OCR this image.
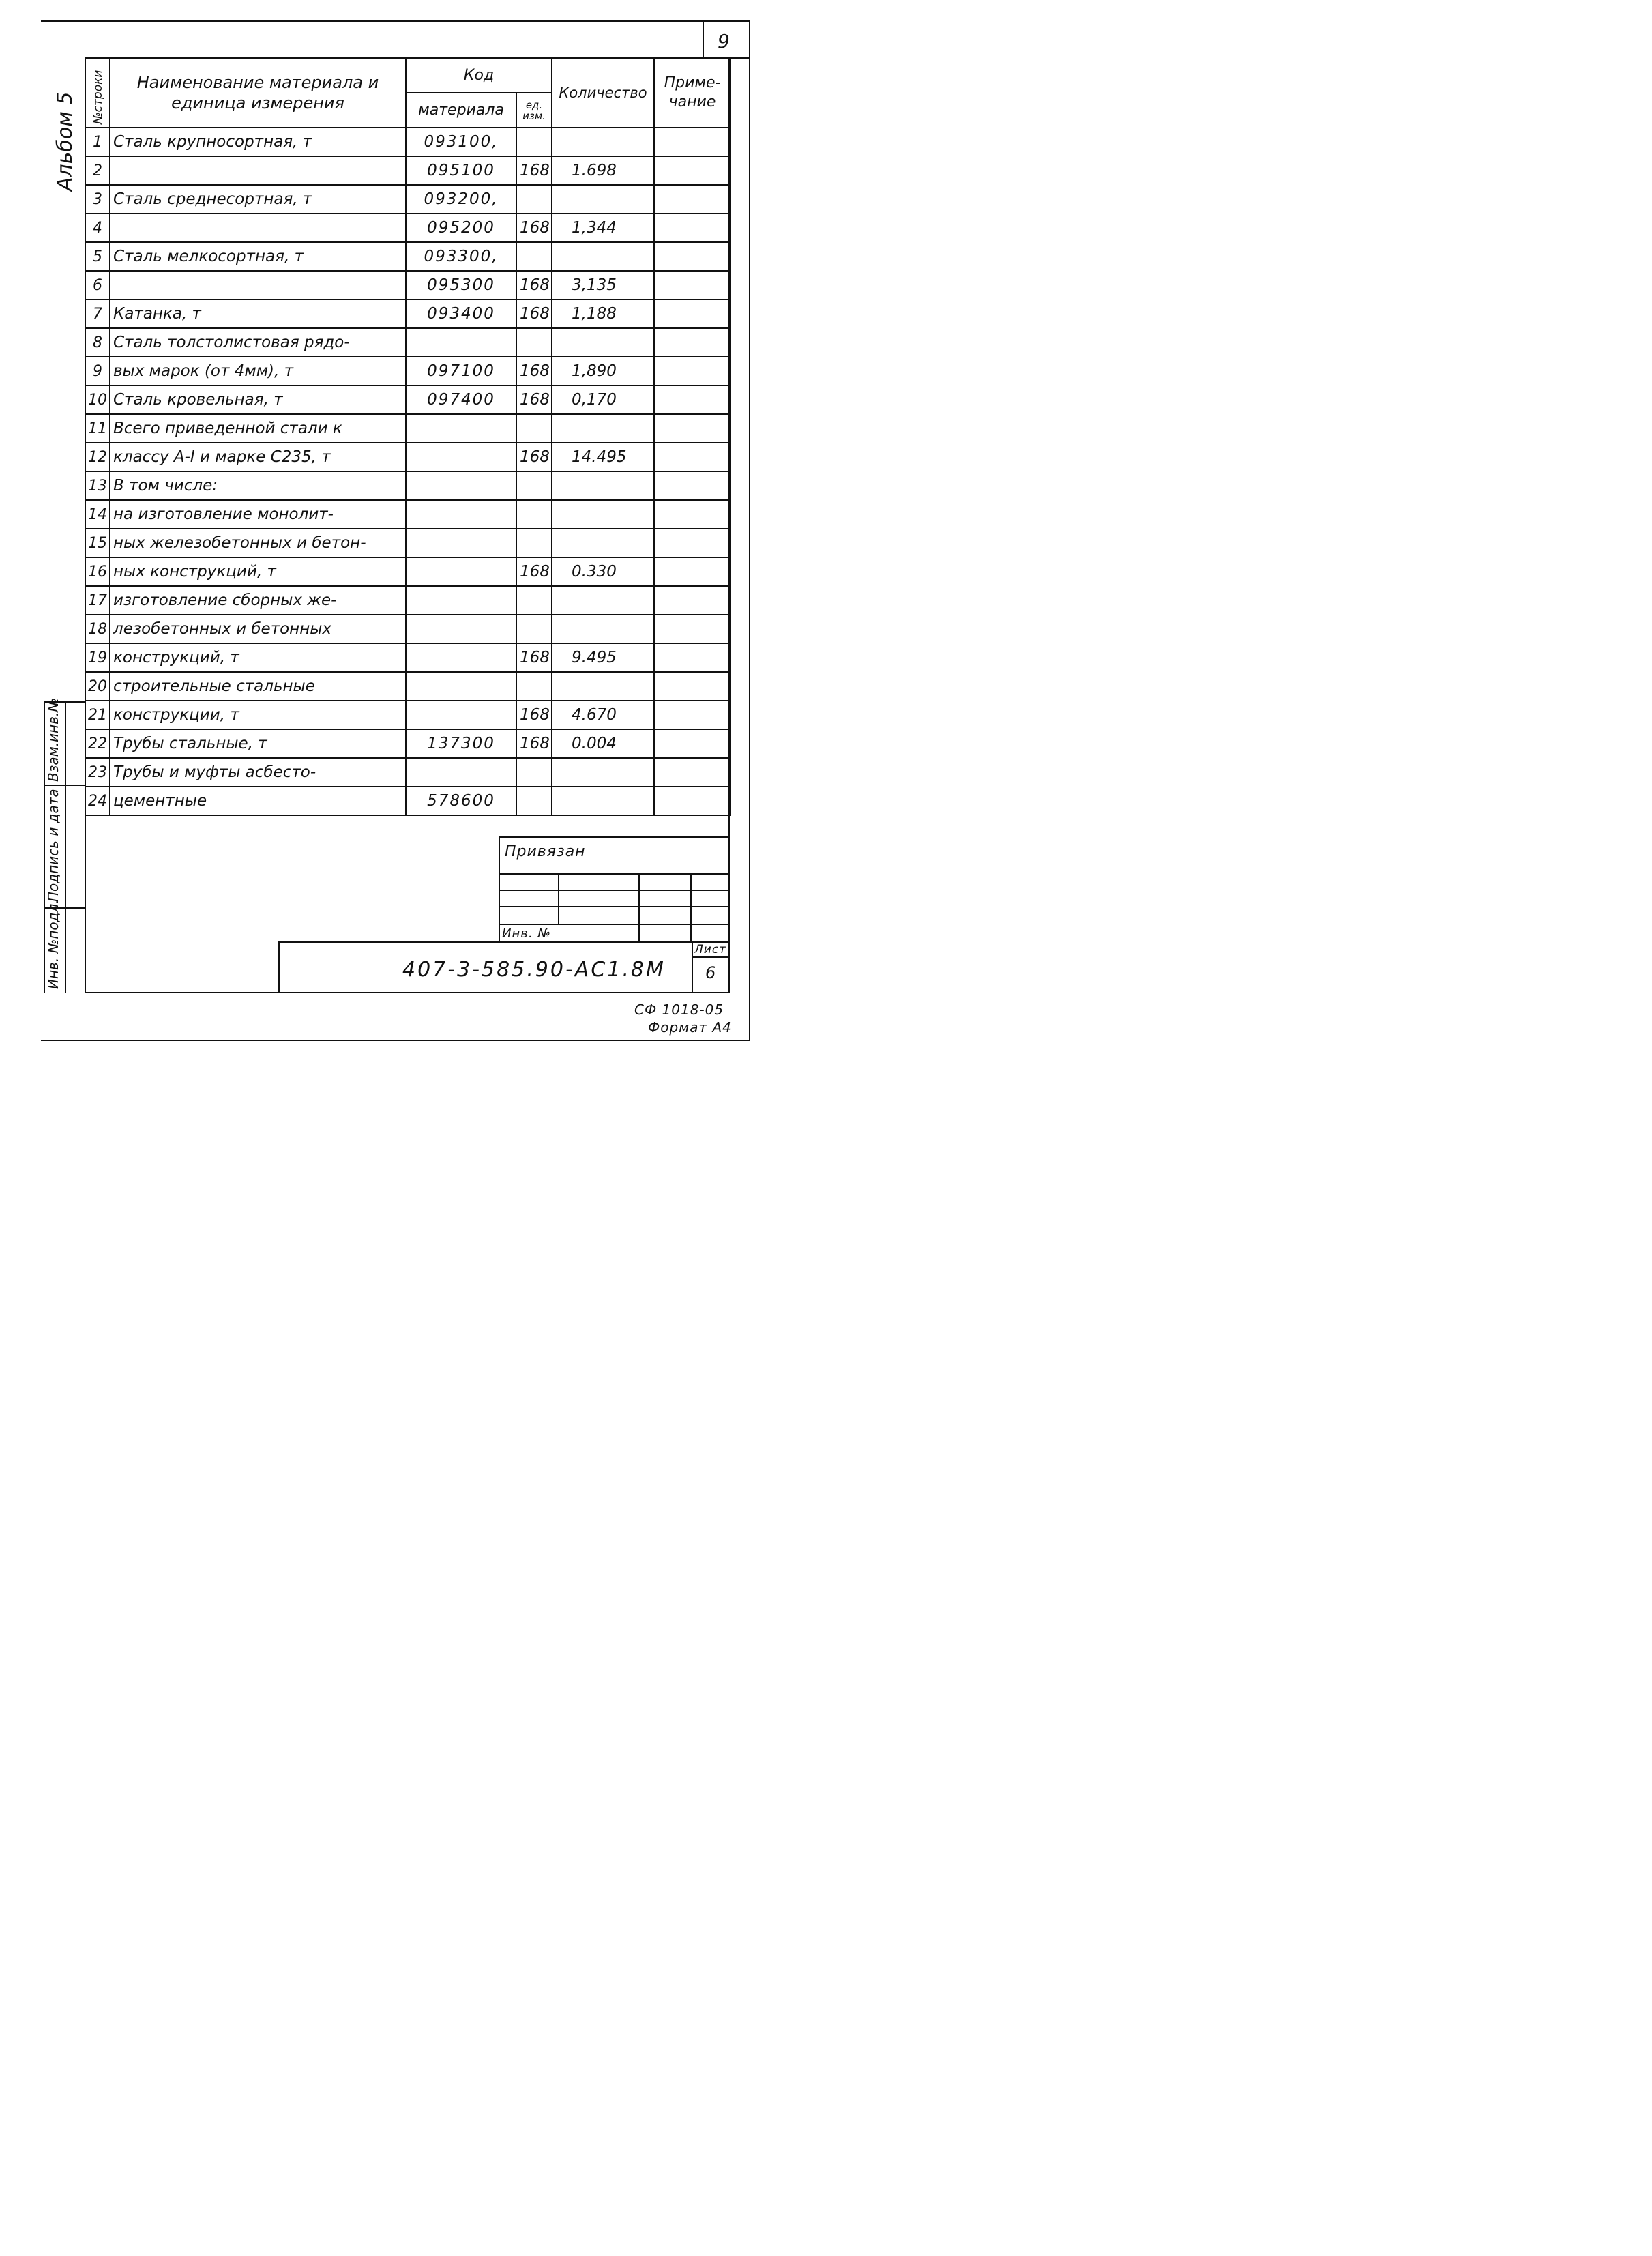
9
Альбом 5 №строки	Наименование материала и единица измерения	Код		Количество	Приме-чание
		материала	ед. изм.		
1	Сталь крупносортная, т	093100,			
2		095100	168	1.698	
3	Сталь среднесортная, т	093200,			
4		095200	168	1,344	
5	Сталь мелкосортная, т	093300,			
6		095300	168	3,135	
7	Катанка, т	093400	168	1,188	
8	Сталь толстолистовая рядо-				
9	вых марок (от 4мм), т	097100	168	1,890	
10	Сталь кровельная, т	097400	168	0,170	
11	Всего приведенной стали к				
12	классу А-I и марке С235, т		168	14.495	
13	В том числе:				
14	на изготовление монолит-				
15	ных железобетонных и бетон-				
16	ных конструкций, т		168	0.330	
17	изготовление сборных же-				
18	лезобетонных и бетонных				
19	конструкций, т		168	9.495	
20	строительные стальные				
21	конструкции, т		168	4.670	
22	Трубы стальные, т	137300	168	0.004	
23	Трубы и муфты асбесто-				
24	цементные	578600			
Взам.инв.№
Подпись и дата
Инв. №подл.
Привязан
Инв. №
407-3-585.90-АС1.8М
Лист
6
СФ 1018-05
Формат А4
